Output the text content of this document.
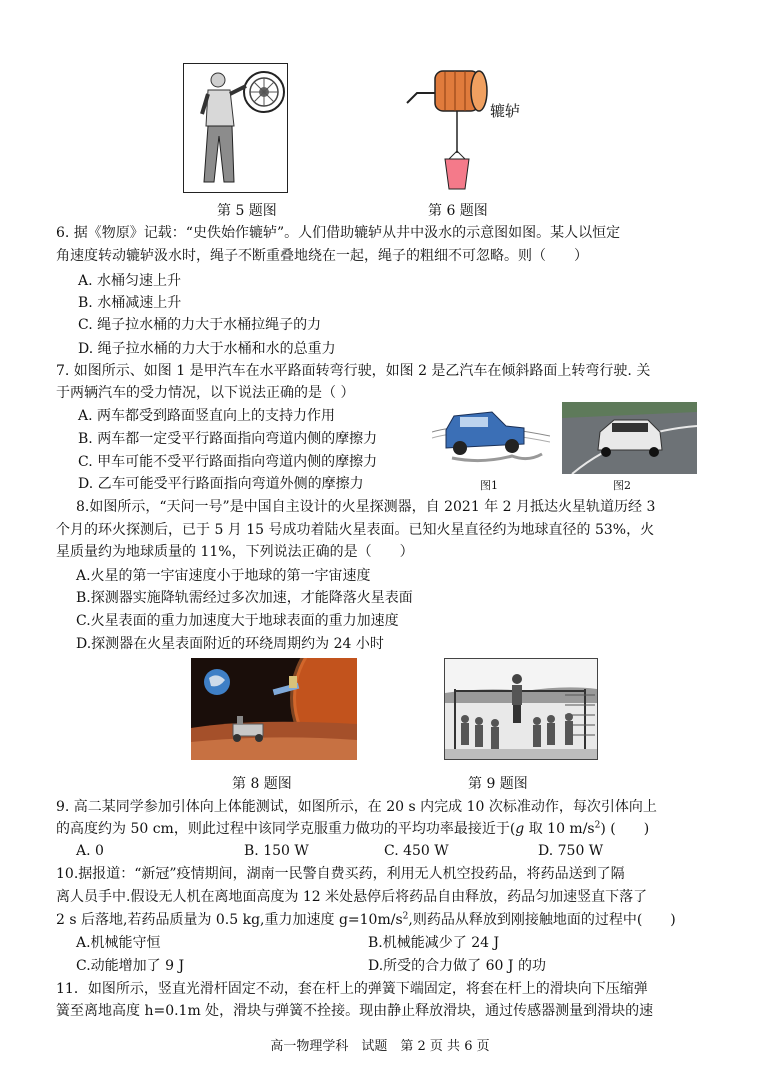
辘轳
第 5 题图	第 6 题图
6. 据《物原》记载：“史佚始作辘轳”。人们借助辘轳从井中汲水的示意图如图。某人以恒定
角速度转动辘轳汲水时，绳子不断重叠地绕在一起，绳子的粗细不可忽略。则（　　）
A. 水桶匀速上升
B. 水桶减速上升
C. 绳子拉水桶的力大于水桶拉绳子的力
D. 绳子拉水桶的力大于水桶和水的总重力
7. 如图所示、如图 1 是甲汽车在水平路面转弯行驶，如图 2 是乙汽车在倾斜路面上转弯行驶. 关
于两辆汽车的受力情况，以下说法正确的是（ ）
A. 两车都受到路面竖直向上的支持力作用
B. 两车都一定受平行路面指向弯道内侧的摩擦力
C. 甲车可能不受平行路面指向弯道内侧的摩擦力
D. 乙车可能受平行路面指向弯道外侧的摩擦力	图1	图2
8.如图所示，“天问一号”是中国自主设计的火星探测器，自 2021 年 2 月抵达火星轨道历经 3
个月的环火探测后，已于 5 月 15 号成功着陆火星表面。已知火星直径约为地球直径的 53%，火
星质量约为地球质量的 11%，下列说法正确的是（　　）
A.火星的第一宇宙速度小于地球的第一宇宙速度
B.探测器实施降轨需经过多次加速，才能降落火星表面
C.火星表面的重力加速度大于地球表面的重力加速度
D.探测器在火星表面附近的环绕周期约为 24 小时
第 8 题图	第 9 题图
9. 高二某同学参加引体向上体能测试，如图所示，在 20 s 内完成 10 次标准动作，每次引体向上
的高度约为 50 cm，则此过程中该同学克服重力做功的平均功率最接近于(g 取 10 $m/s^2$) (　　)
A. 0	B. 150 W	C. 450 W	D. 750 W
10.据报道：“新冠”疫情期间，湖南一民警自费买药，利用无人机空投药品，将药品送到了隔
离人员手中.假设无人机在离地面高度为 12 米处悬停后将药品自由释放，药品匀加速竖直下落了
2 s 后落地,若药品质量为 0.5 kg,重力加速度 $g=10m/s^2$,则药品从释放到刚接触地面的过程中(　　)
A.机械能守恒	B.机械能减少了 24 J
C.动能增加了 9 J	D.所受的合力做了 60 J 的功
11．如图所示，竖直光滑杆固定不动，套在杆上的弹簧下端固定，将套在杆上的滑块向下压缩弹
簧至离地高度 h=0.1m 处，滑块与弹簧不拴接。现由静止释放滑块，通过传感器测量到滑块的速
高一物理学科　试题　第 2 页 共 6 页
